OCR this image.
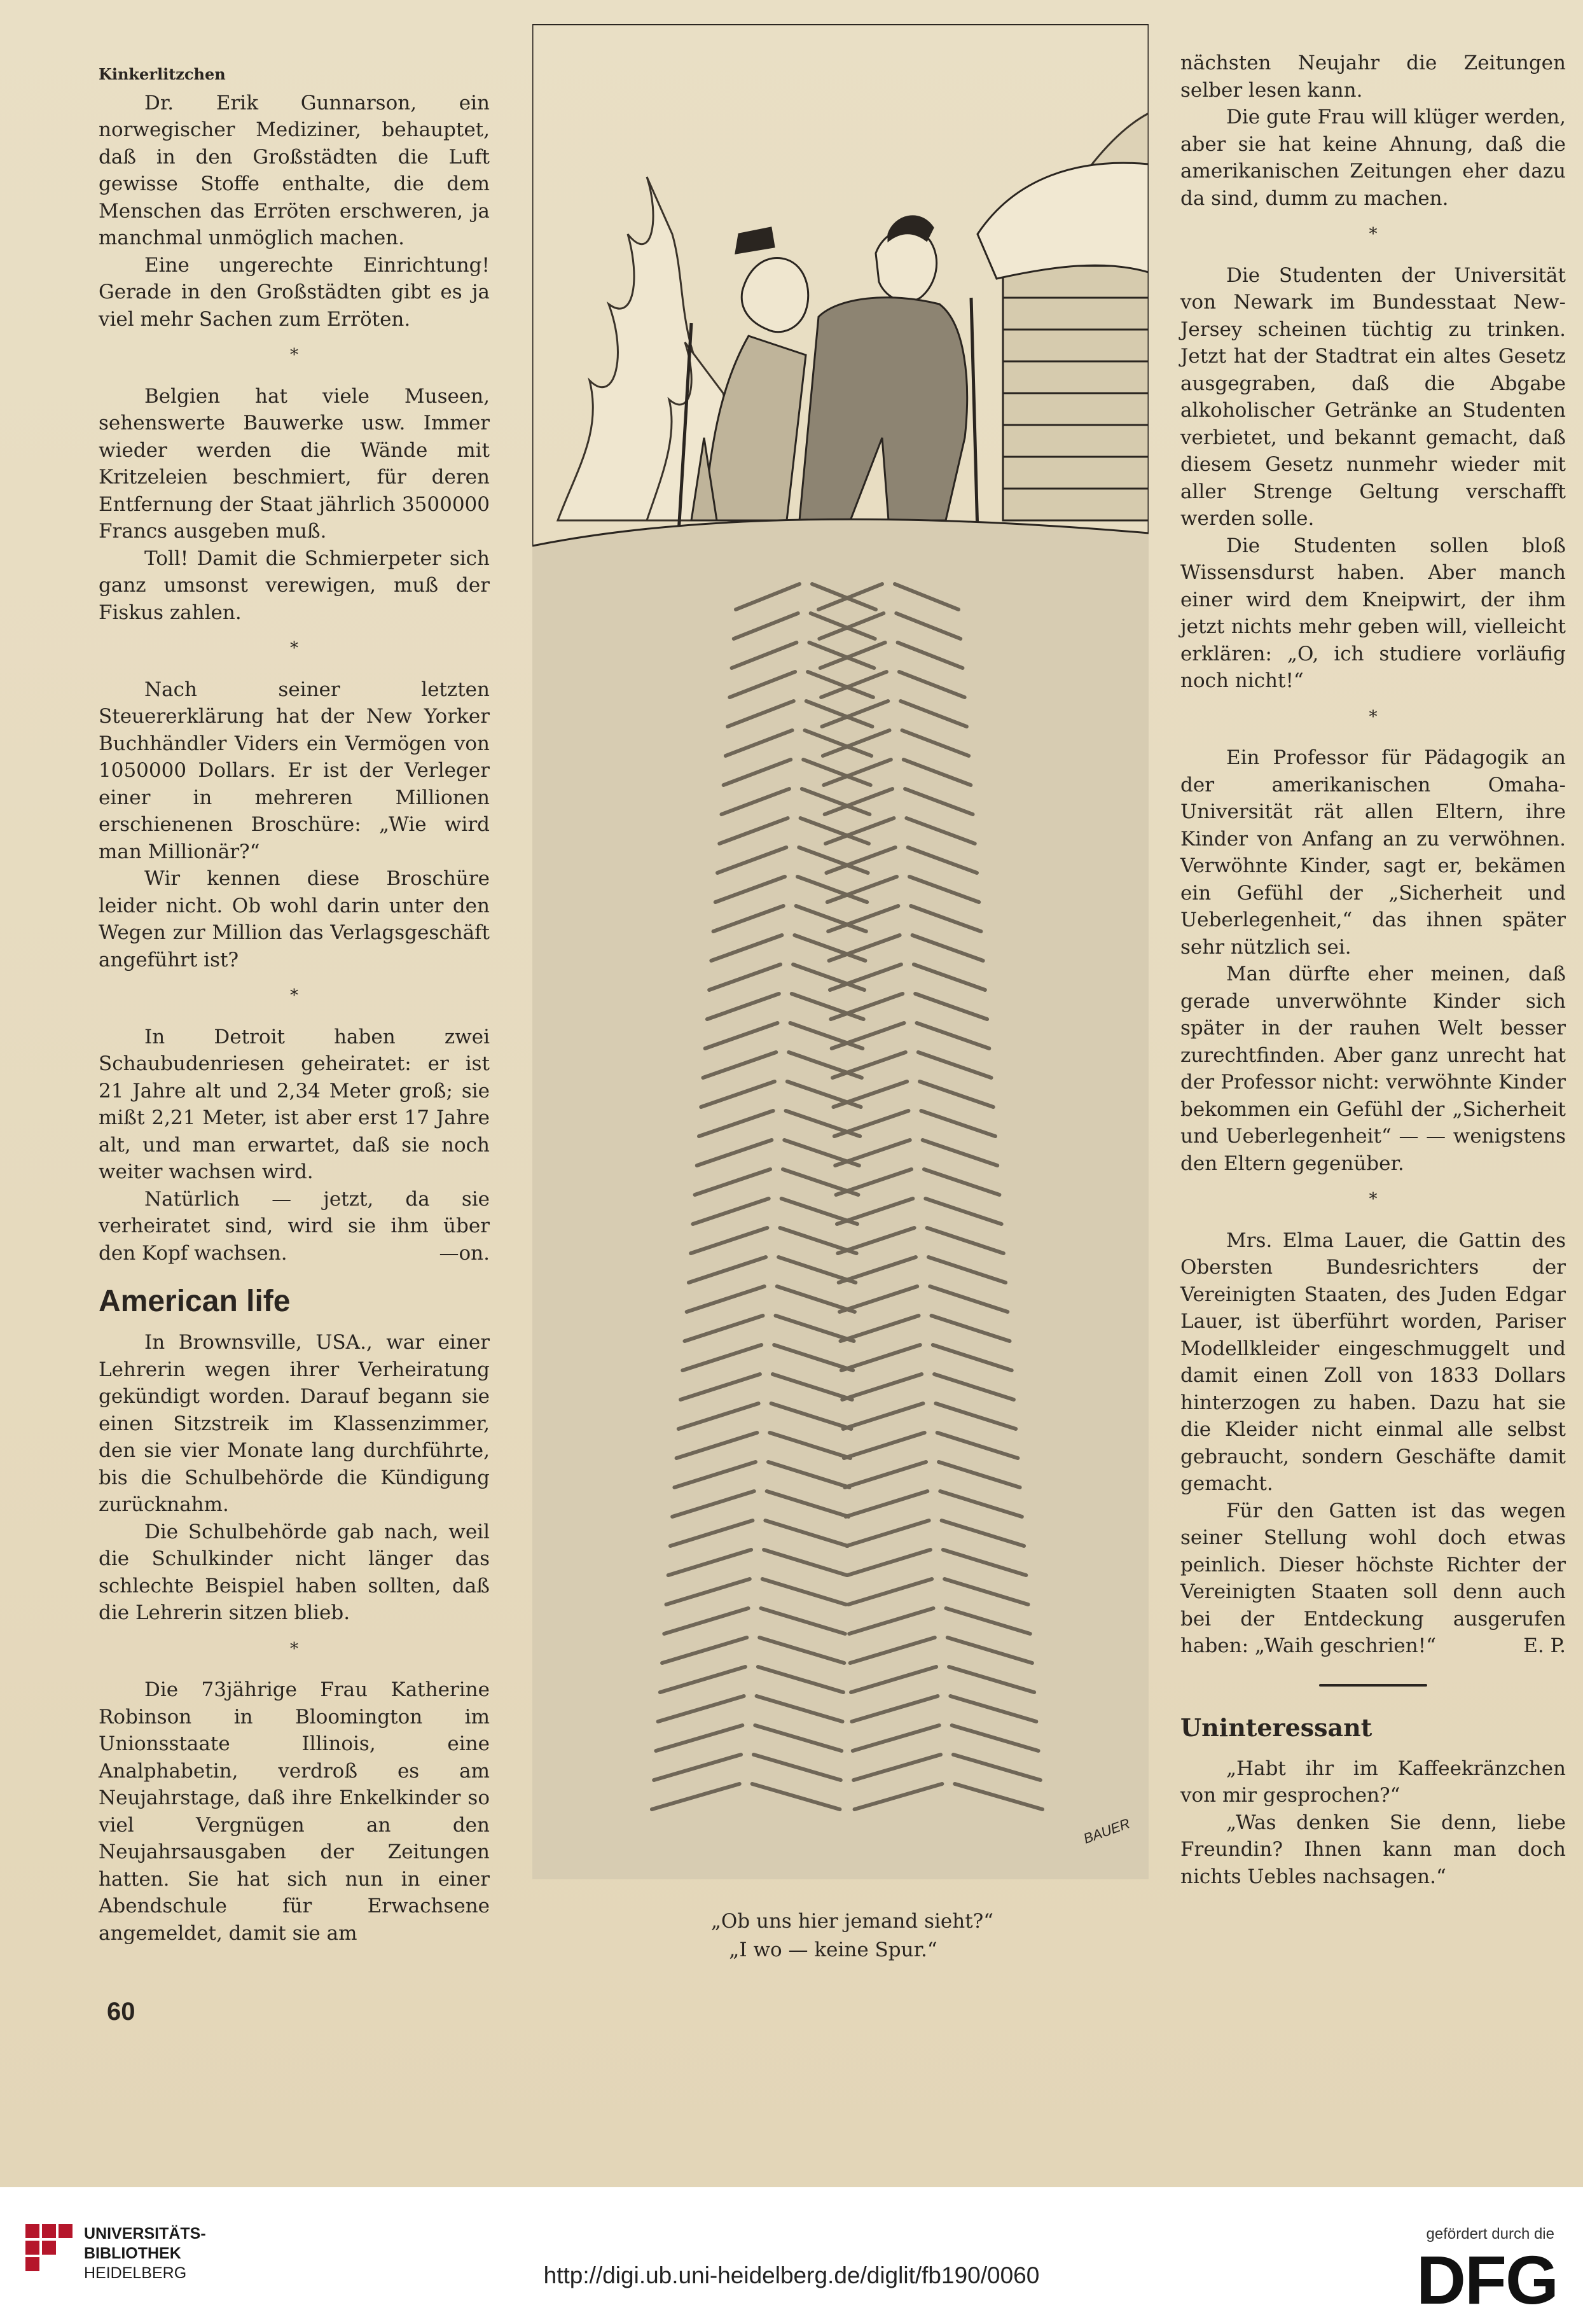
Kinkerlitzchen

Dr. Erik Gunnarson, ein norwegischer Mediziner, behauptet, daß in den Großstädten die Luft gewisse Stoffe enthalte, die dem Menschen das Erröten erschweren, ja manchmal unmöglich machen.

Eine ungerechte Einrichtung! Gerade in den Großstädten gibt es ja viel mehr Sachen zum Erröten.

*

Belgien hat viele Museen, sehenswerte Bauwerke usw. Immer wieder werden die Wände mit Kritzeleien beschmiert, für deren Entfernung der Staat jährlich 3500000 Francs ausgeben muß.

Toll! Damit die Schmierpeter sich ganz umsonst verewigen, muß der Fiskus zahlen.

*

Nach seiner letzten Steuererklärung hat der New Yorker Buchhändler Viders ein Vermögen von 1050000 Dollars. Er ist der Verleger einer in mehreren Millionen erschienenen Broschüre: „Wie wird man Millionär?“

Wir kennen diese Broschüre leider nicht. Ob wohl darin unter den Wegen zur Million das Verlagsgeschäft angeführt ist?

*

In Detroit haben zwei Schaubudenriesen geheiratet: er ist 21 Jahre alt und 2,34 Meter groß; sie mißt 2,21 Meter, ist aber erst 17 Jahre alt, und man erwartet, daß sie noch weiter wachsen wird.

Natürlich — jetzt, da sie verheiratet sind, wird sie ihm über den Kopf wachsen.	—on.

American life

In Brownsville, USA., war einer Lehrerin wegen ihrer Verheiratung gekündigt worden. Darauf begann sie einen Sitzstreik im Klassenzimmer, den sie vier Monate lang durchführte, bis die Schulbehörde die Kündigung zurücknahm.

Die Schulbehörde gab nach, weil die Schulkinder nicht länger das schlechte Beispiel haben sollten, daß die Lehrerin sitzen blieb.

*

Die 73jährige Frau Katherine Robinson in Bloomington im Unionsstaate Illinois, eine Analphabetin, verdroß es am Neujahrstage, daß ihre Enkelkinder so viel Vergnügen an den Neujahrsausgaben der Zeitungen hatten. Sie hat sich nun in einer Abendschule für Erwachsene angemeldet, damit sie am

60
BAUER
„Ob uns hier jemand sieht?“
„I wo — keine Spur.“

nächsten Neujahr die Zeitungen selber lesen kann.

Die gute Frau will klüger werden, aber sie hat keine Ahnung, daß die amerikanischen Zeitungen eher dazu da sind, dumm zu machen.

*

Die Studenten der Universität von Newark im Bundesstaat New-Jersey scheinen tüchtig zu trinken. Jetzt hat der Stadtrat ein altes Gesetz ausgegraben, daß die Abgabe alkoholischer Getränke an Studenten verbietet, und bekannt gemacht, daß diesem Gesetz nunmehr wieder mit aller Strenge Geltung verschafft werden solle.

Die Studenten sollen bloß Wissensdurst haben. Aber manch einer wird dem Kneipwirt, der ihm jetzt nichts mehr geben will, vielleicht erklären: „O, ich studiere vorläufig noch nicht!“

*

Ein Professor für Pädagogik an der amerikanischen Omaha-Universität rät allen Eltern, ihre Kinder von Anfang an zu verwöhnen. Verwöhnte Kinder, sagt er, bekämen ein Gefühl der „Sicherheit und Ueberlegenheit,“ das ihnen später sehr nützlich sei.

Man dürfte eher meinen, daß gerade unverwöhnte Kinder sich später in der rauhen Welt besser zurechtfinden. Aber ganz unrecht hat der Professor nicht: verwöhnte Kinder bekommen ein Gefühl der „Sicherheit und Ueberlegenheit“ — — wenigstens den Eltern gegenüber.

*

Mrs. Elma Lauer, die Gattin des Obersten Bundesrichters der Vereinigten Staaten, des Juden Edgar Lauer, ist überführt worden, Pariser Modellkleider eingeschmuggelt und damit einen Zoll von 1833 Dollars hinterzogen zu haben. Dazu hat sie die Kleider nicht einmal alle selbst gebraucht, sondern Geschäfte damit gemacht.

Für den Gatten ist das wegen seiner Stellung wohl doch etwas peinlich. Dieser höchste Richter der Vereinigten Staaten soll denn auch bei der Entdeckung ausgerufen haben: „Waih geschrien!“	E. P.

Uninteressant

„Habt ihr im Kaffeekränzchen von mir gesprochen?“

„Was denken Sie denn, liebe Freundin? Ihnen kann man doch nichts Uebles nachsagen.“

UNIVERSITÄTS-
BIBLIOTHEK
HEIDELBERG	http://digi.ub.uni-heidelberg.de/diglit/fb190/0060
gefördert durch die
DFG
